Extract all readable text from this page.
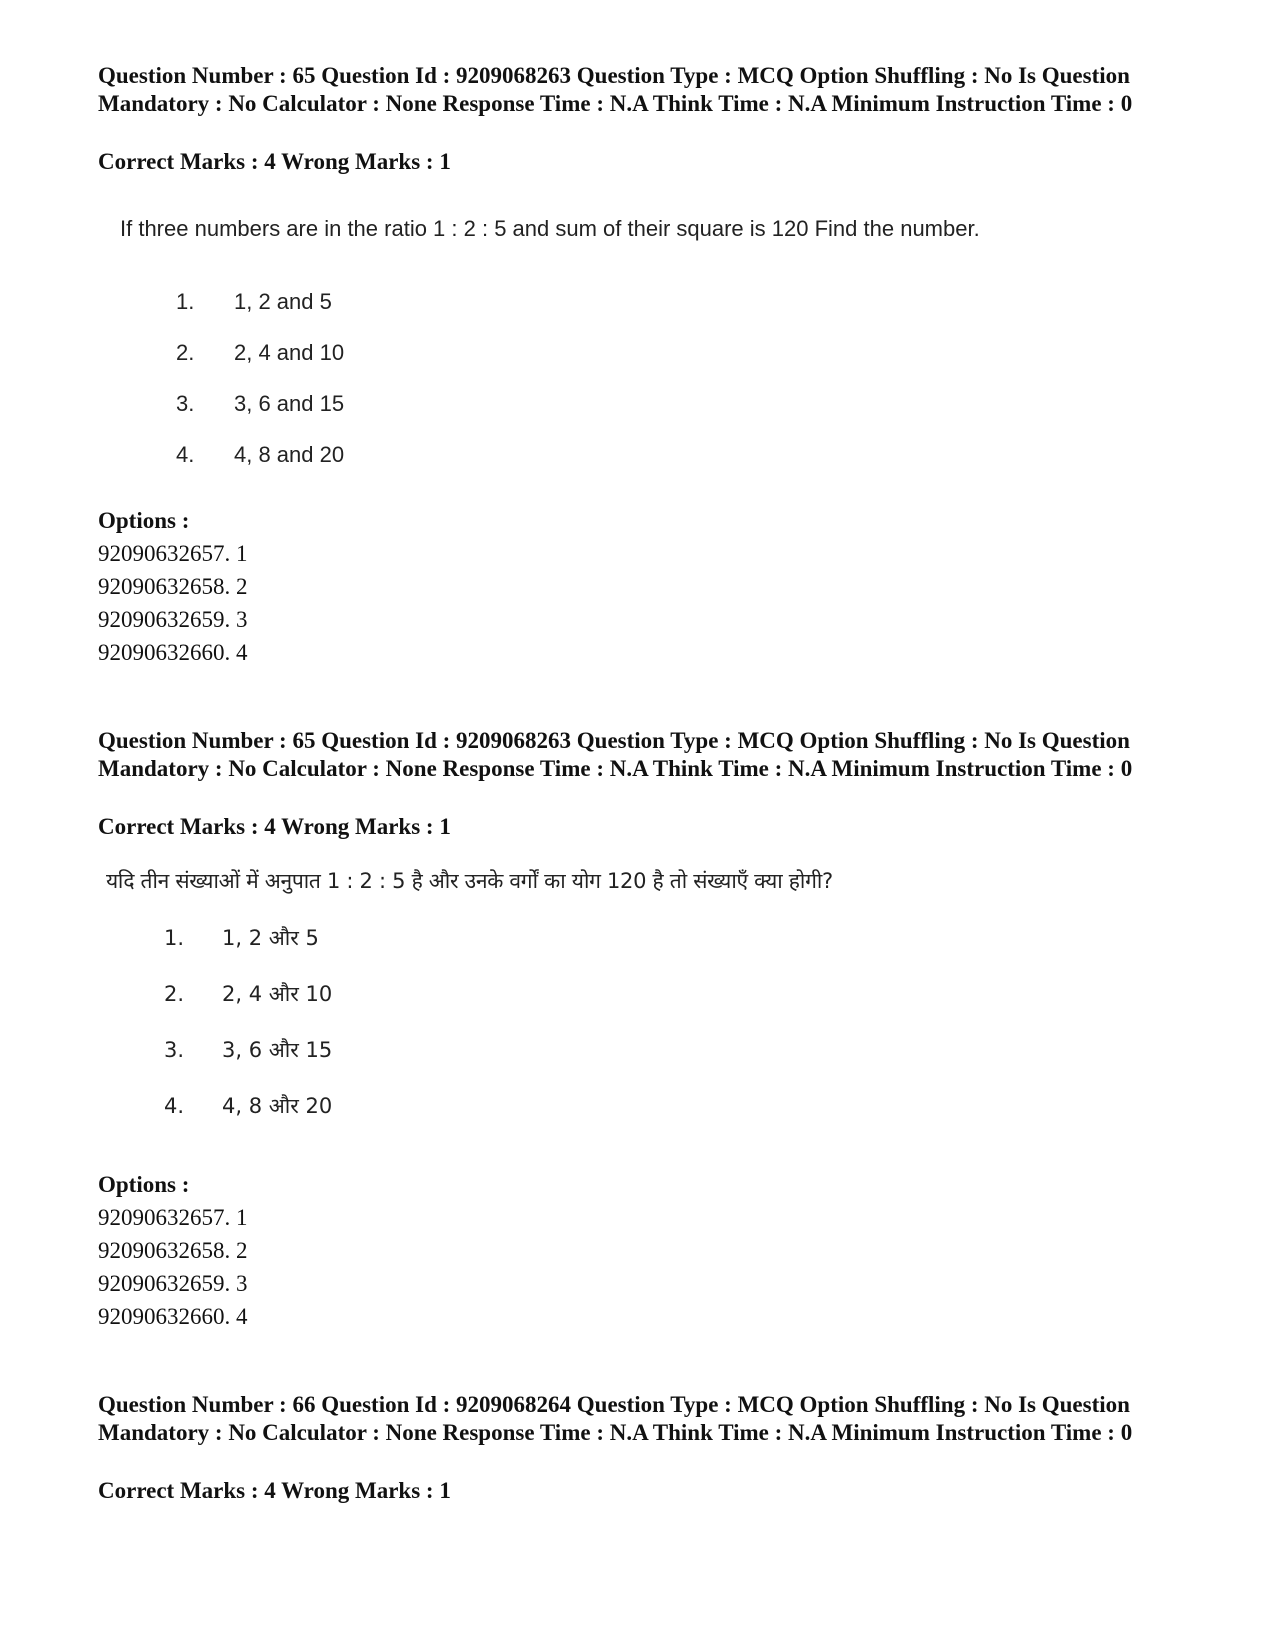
Question Number : 65 Question Id : 9209068263 Question Type : MCQ Option Shuffling : No Is Question Mandatory : No Calculator : None Response Time : N.A Think Time : N.A Minimum Instruction Time : 0
Correct Marks : 4 Wrong Marks : 1
If three numbers are in the ratio 1 : 2 : 5 and sum of their square is 120 Find the number.
1. 1, 2 and 5
2. 2, 4 and 10
3. 3, 6 and 15
4. 4, 8 and 20
Options :
92090632657. 1
92090632658. 2
92090632659. 3
92090632660. 4
Question Number : 65 Question Id : 9209068263 Question Type : MCQ Option Shuffling : No Is Question Mandatory : No Calculator : None Response Time : N.A Think Time : N.A Minimum Instruction Time : 0
Correct Marks : 4 Wrong Marks : 1
यदि तीन संख्याओं में अनुपात 1 : 2 : 5 है और उनके वर्गों का योग 120 है तो संख्याएँ क्या होगी?
1. 1, 2 और 5
2. 2, 4 और 10
3. 3, 6 और 15
4. 4, 8 और 20
Options :
92090632657. 1
92090632658. 2
92090632659. 3
92090632660. 4
Question Number : 66 Question Id : 9209068264 Question Type : MCQ Option Shuffling : No Is Question Mandatory : No Calculator : None Response Time : N.A Think Time : N.A Minimum Instruction Time : 0
Correct Marks : 4 Wrong Marks : 1
